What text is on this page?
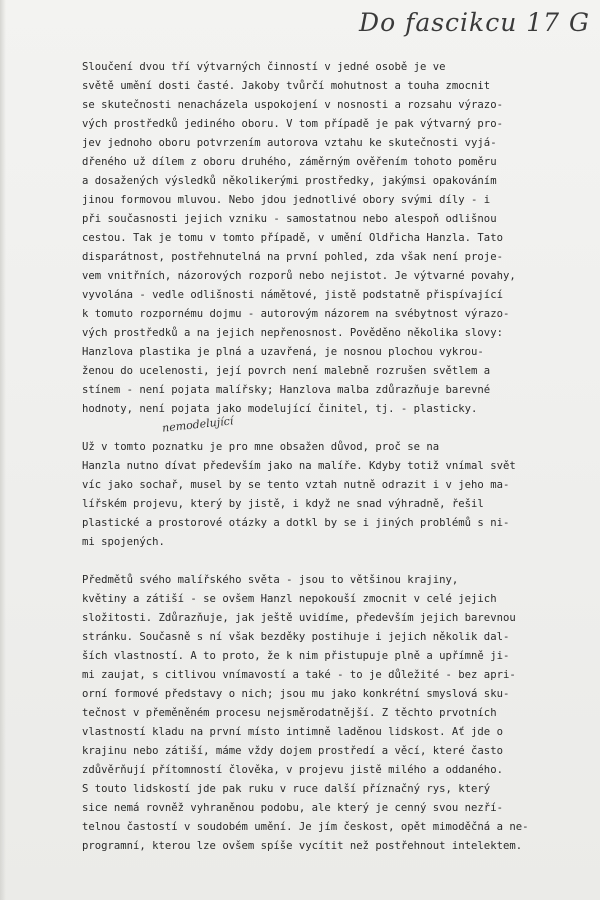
Do fascikcu 17 G
nemodelující
Sloučení dvou tří výtvarných činností v jedné osobě je ve
světě umění dosti časté. Jakoby tvůrčí mohutnost a touha zmocnit
se skutečnosti nenacházela uspokojení v nosnosti a rozsahu výrazo-
vých prostředků jediného oboru. V tom případě je pak výtvarný pro-
jev jednoho oboru potvrzením autorova vztahu ke skutečnosti vyjá-
dřeného už dílem z oboru druhého, záměrným ověřením tohoto poměru
a dosažených výsledků několikerými prostředky, jakýmsi opakováním
jinou formovou mluvou. Nebo jdou jednotlivé obory svými díly - i
při současnosti jejich vzniku - samostatnou nebo alespoň odlišnou
cestou. Tak je tomu v tomto případě, v umění Oldřicha Hanzla. Tato
disparátnost, postřehnutelná na první pohled, zda však není proje-
vem vnitřních, názorových rozporů nebo nejistot. Je výtvarné povahy,
vyvolána - vedle odlišnosti námětové, jistě podstatně přispívající
k tomuto rozpornému dojmu - autorovým názorem na svébytnost výrazo-
vých prostředků a na jejich nepřenosnost. Pověděno několika slovy:
Hanzlova plastika je plná a uzavřená, je nosnou plochou vykrou-
ženou do ucelenosti, její povrch není malebně rozrušen světlem a
stínem - není pojata malířsky; Hanzlova malba zdůrazňuje barevné
hodnoty, není pojata jako modelující činitel, tj. - plasticky.
Už v tomto poznatku je pro mne obsažen důvod, proč se na
Hanzla nutno dívat především jako na malíře. Kdyby totiž vnímal svět
víc jako sochař, musel by se tento vztah nutně odrazit i v jeho ma-
lířském projevu, který by jistě, i když ne snad výhradně, řešil
plastické a prostorové otázky a dotkl by se i jiných problémů s ni-
mi spojených.
Předmětů svého malířského světa - jsou to většinou krajiny,
květiny a zátiší - se ovšem Hanzl nepokouší zmocnit v celé jejich
složitosti. Zdůrazňuje, jak ještě uvidíme, především jejich barevnou
stránku. Současně s ní však bezděky postihuje i jejich několik dal-
ších vlastností. A to proto, že k nim přistupuje plně a upřímně ji-
mi zaujat, s citlivou vnímavostí a také - to je důležité - bez apri-
orní formové představy o nich; jsou mu jako konkrétní smyslová sku-
tečnost v přeměněném procesu nejsměrodatnější. Z těchto prvotních
vlastností kladu na první místo intimně laděnou lidskost. Ať jde o
krajinu nebo zátiší, máme vždy dojem prostředí a věcí, které často
zdůvěrňují přítomností člověka, v projevu jistě milého a oddaného.
S touto lidskostí jde pak ruku v ruce další příznačný rys, který
sice nemá rovněž vyhraněnou podobu, ale který je cenný svou nezří-
telnou častostí v soudobém umění. Je jím českost, opět mimoděčná a ne-
programní, kterou lze ovšem spíše vycítit než postřehnout intelektem.
